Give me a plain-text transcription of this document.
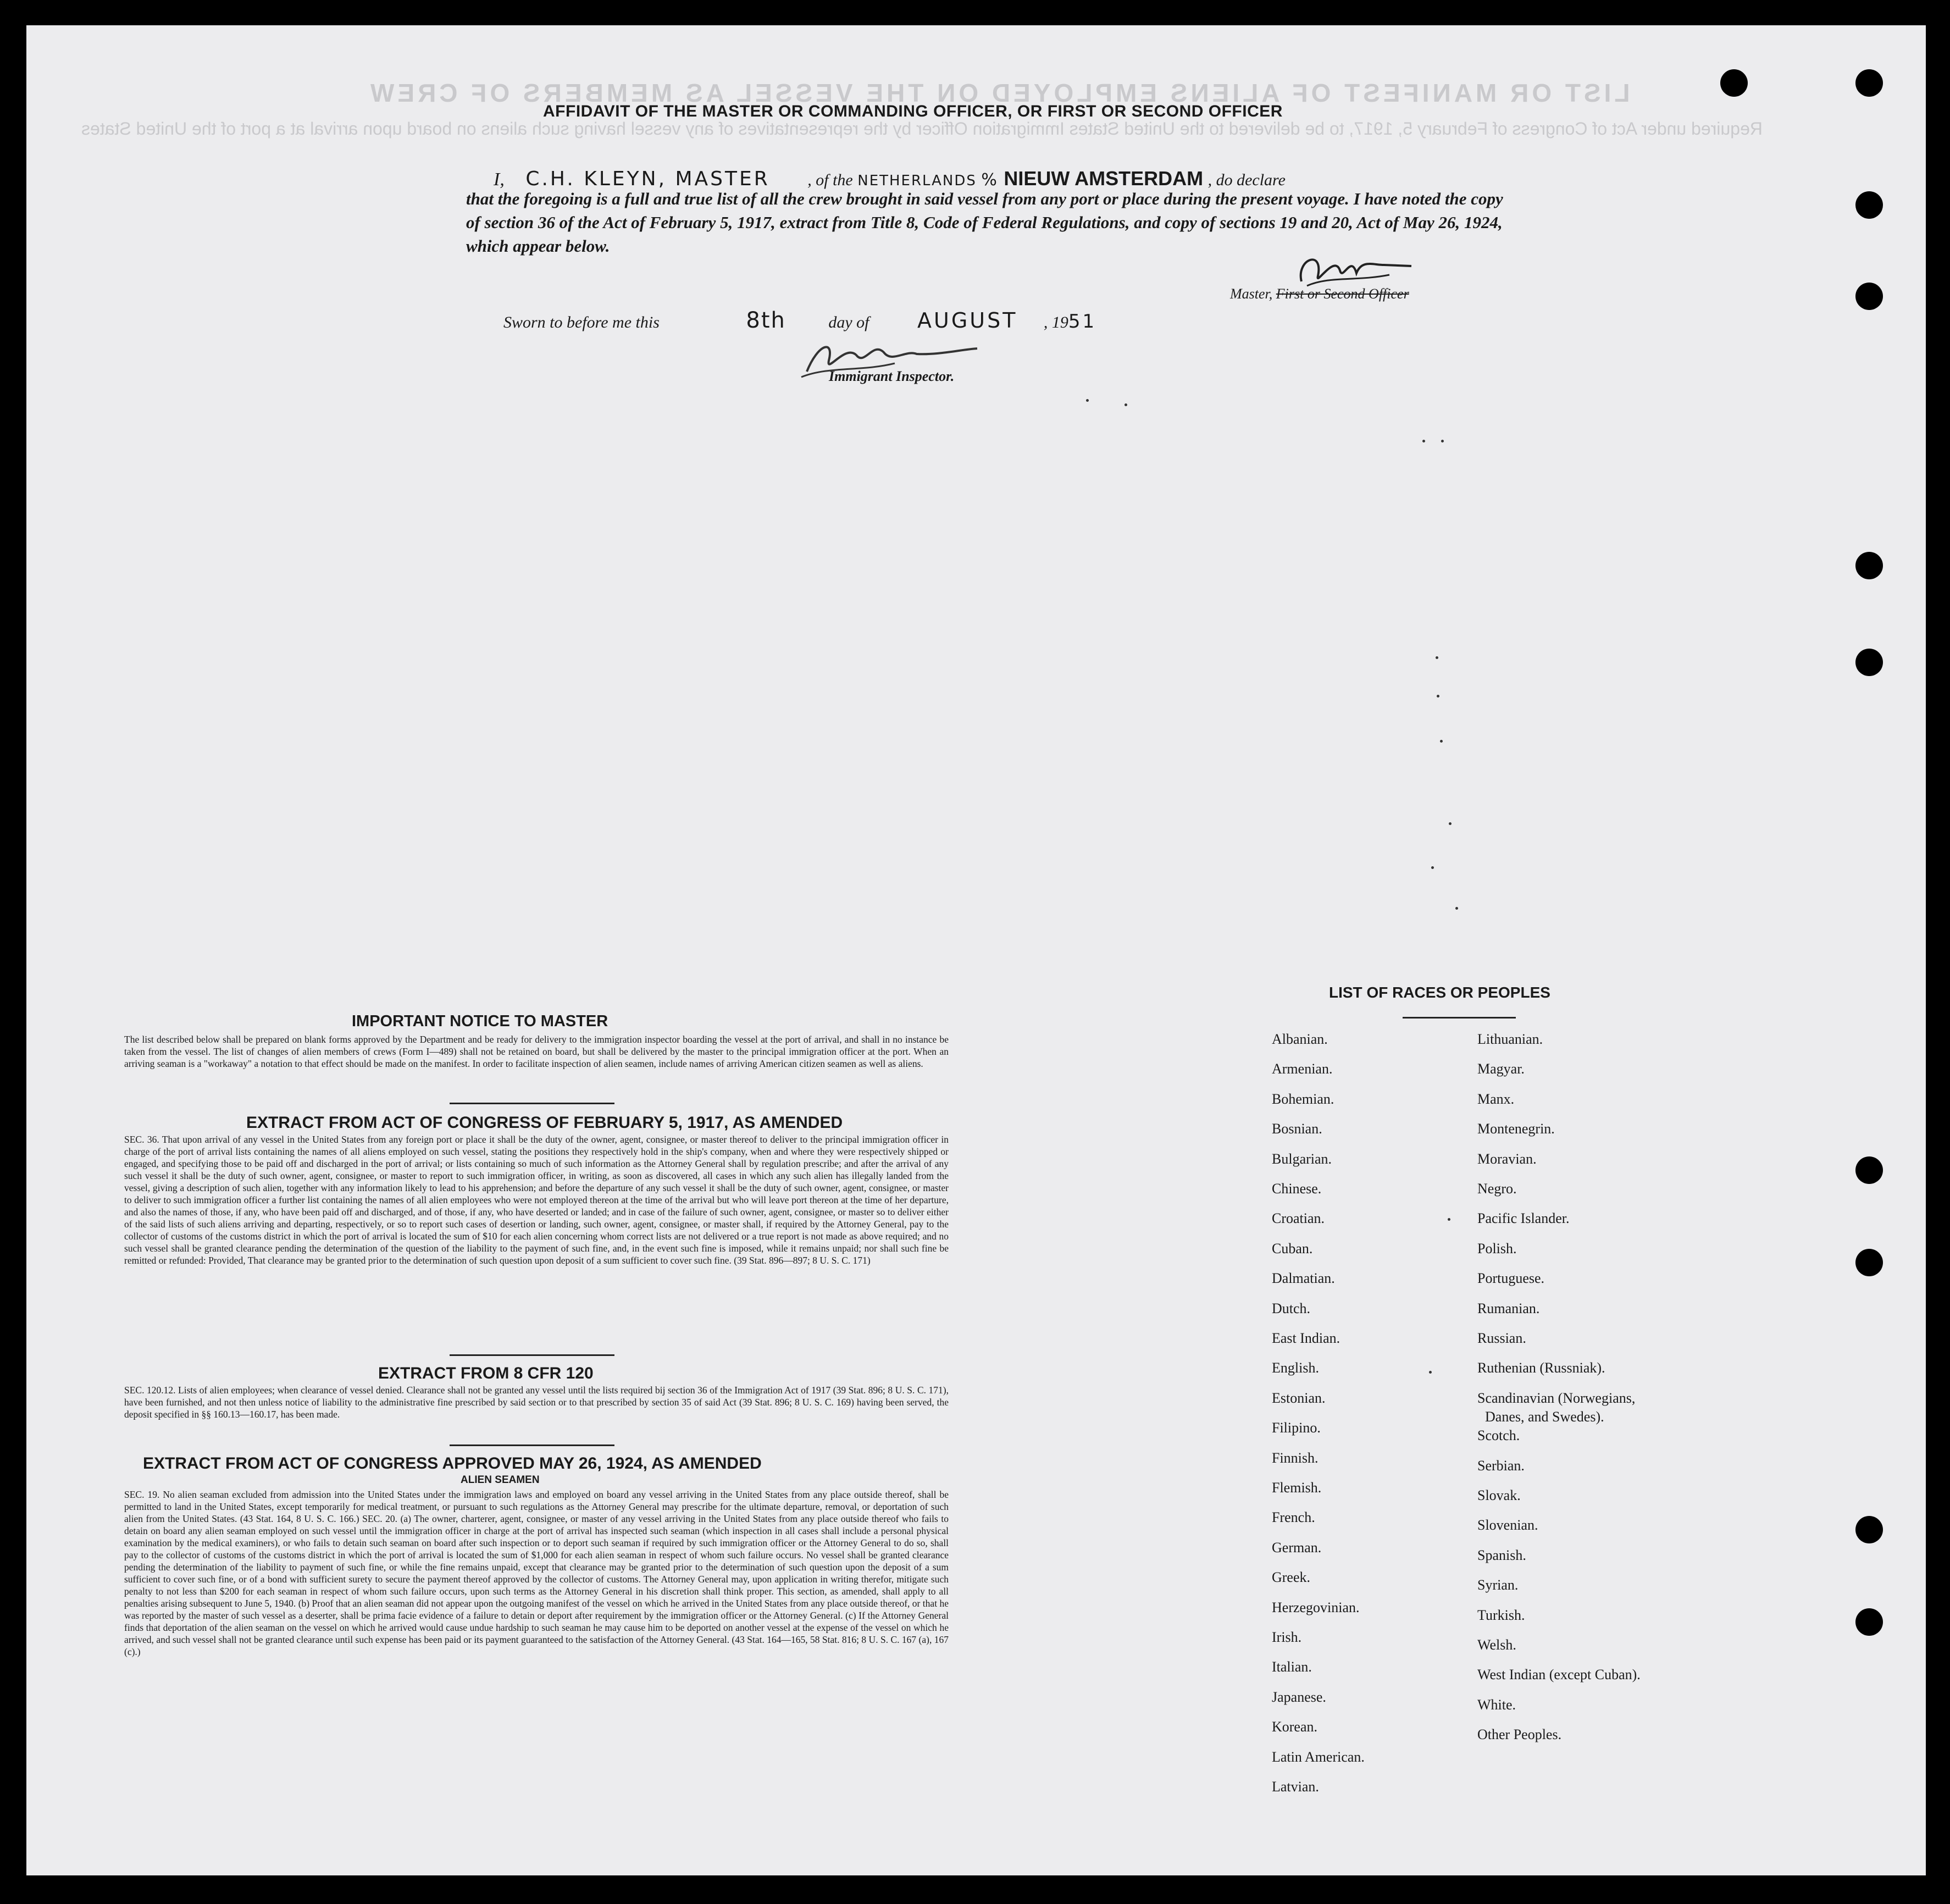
LIST OR MANIFEST OF ALIENS EMPLOYED ON THE VESSEL AS MEMBERS OF CREW
Required under Act of Congress of February 5, 1917, to be delivered to the United States Immigration Officer by the representatives of any vessel having such aliens on board upon arrival at a port of the United States
AFFIDAVIT OF THE MASTER OR COMMANDING OFFICER, OR FIRST OR SECOND OFFICER
I, C.H. KLEYN, MASTER , of the NETHERLANDS % NIEUW AMSTERDAM , do declare
that the foregoing is a full and true list of all the crew brought in said vessel from any port or place during the present voyage. I have noted the copy of section 36 of the Act of February 5, 1917, extract from Title 8, Code of Federal Regulations, and copy of sections 19 and 20, Act of May 26, 1924, which appear below.
Master, First or Second Officer
Sworn to before me this	8th	day of AUGUST , 1951
Immigrant Inspector.
IMPORTANT NOTICE TO MASTER
The list described below shall be prepared on blank forms approved by the Department and be ready for delivery to the immigration inspector boarding the vessel at the port of arrival, and shall in no instance be taken from the vessel. The list of changes of alien members of crews (Form I—489) shall not be retained on board, but shall be delivered by the master to the principal immigration officer at the port. When an arriving seaman is a "workaway" a notation to that effect should be made on the manifest. In order to facilitate inspection of alien seamen, include names of arriving American citizen seamen as well as aliens.
EXTRACT FROM ACT OF CONGRESS OF FEBRUARY 5, 1917, AS AMENDED
SEC. 36. That upon arrival of any vessel in the United States from any foreign port or place it shall be the duty of the owner, agent, consignee, or master thereof to deliver to the principal immigration officer in charge of the port of arrival lists containing the names of all aliens employed on such vessel, stating the positions they respectively hold in the ship's company, when and where they were respectively shipped or engaged, and specifying those to be paid off and discharged in the port of arrival; or lists containing so much of such information as the Attorney General shall by regulation prescribe; and after the arrival of any such vessel it shall be the duty of such owner, agent, consignee, or master to report to such immigration officer, in writing, as soon as discovered, all cases in which any such alien has illegally landed from the vessel, giving a description of such alien, together with any information likely to lead to his apprehension; and before the departure of any such vessel it shall be the duty of such owner, agent, consignee, or master to deliver to such immigration officer a further list containing the names of all alien employees who were not employed thereon at the time of the arrival but who will leave port thereon at the time of her departure, and also the names of those, if any, who have been paid off and discharged, and of those, if any, who have deserted or landed; and in case of the failure of such owner, agent, consignee, or master so to deliver either of the said lists of such aliens arriving and departing, respectively, or so to report such cases of desertion or landing, such owner, agent, consignee, or master shall, if required by the Attorney General, pay to the collector of customs of the customs district in which the port of arrival is located the sum of $10 for each alien concerning whom correct lists are not delivered or a true report is not made as above required; and no such vessel shall be granted clearance pending the determination of the question of the liability to the payment of such fine, and, in the event such fine is imposed, while it remains unpaid; nor shall such fine be remitted or refunded: Provided, That clearance may be granted prior to the determination of such question upon deposit of a sum sufficient to cover such fine. (39 Stat. 896—897; 8 U. S. C. 171)
EXTRACT FROM 8 CFR 120
SEC. 120.12. Lists of alien employees; when clearance of vessel denied. Clearance shall not be granted any vessel until the lists required bij section 36 of the Immigration Act of 1917 (39 Stat. 896; 8 U. S. C. 171), have been furnished, and not then unless notice of liability to the administrative fine prescribed by said section or to that prescribed by section 35 of said Act (39 Stat. 896; 8 U. S. C. 169) having been served, the deposit specified in §§ 160.13—160.17, has been made.
EXTRACT FROM ACT OF CONGRESS APPROVED MAY 26, 1924, AS AMENDED
ALIEN SEAMEN
SEC. 19. No alien seaman excluded from admission into the United States under the immigration laws and employed on board any vessel arriving in the United States from any place outside thereof, shall be permitted to land in the United States, except temporarily for medical treatment, or pursuant to such regulations as the Attorney General may prescribe for the ultimate departure, removal, or deportation of such alien from the United States. (43 Stat. 164, 8 U. S. C. 166.) SEC. 20. (a) The owner, charterer, agent, consignee, or master of any vessel arriving in the United States from any place outside thereof who fails to detain on board any alien seaman employed on such vessel until the immigration officer in charge at the port of arrival has inspected such seaman (which inspection in all cases shall include a personal physical examination by the medical examiners), or who fails to detain such seaman on board after such inspection or to deport such seaman if required by such immigration officer or the Attorney General to do so, shall pay to the collector of customs of the customs district in which the port of arrival is located the sum of $1,000 for each alien seaman in respect of whom such failure occurs. No vessel shall be granted clearance pending the determination of the liability to payment of such fine, or while the fine remains unpaid, except that clearance may be granted prior to the determination of such question upon the deposit of a sum sufficient to cover such fine, or of a bond with sufficient surety to secure the payment thereof approved by the collector of customs. The Attorney General may, upon application in writing therefor, mitigate such penalty to not less than $200 for each seaman in respect of whom such failure occurs, upon such terms as the Attorney General in his discretion shall think proper. This section, as amended, shall apply to all penalties arising subsequent to June 5, 1940. (b) Proof that an alien seaman did not appear upon the outgoing manifest of the vessel on which he arrived in the United States from any place outside thereof, or that he was reported by the master of such vessel as a deserter, shall be prima facie evidence of a failure to detain or deport after requirement by the immigration officer or the Attorney General. (c) If the Attorney General finds that deportation of the alien seaman on the vessel on which he arrived would cause undue hardship to such seaman he may cause him to be deported on another vessel at the expense of the vessel on which he arrived, and such vessel shall not be granted clearance until such expense has been paid or its payment guaranteed to the satisfaction of the Attorney General. (43 Stat. 164—165, 58 Stat. 816; 8 U. S. C. 167 (a), 167 (c).)
LIST OF RACES OR PEOPLES
Albanian.
Armenian.
Bohemian.
Bosnian.
Bulgarian.
Chinese.
Croatian.
Cuban.
Dalmatian.
Dutch.
East Indian.
English.
Estonian.
Filipino.
Finnish.
Flemish.
French.
German.
Greek.
Herzegovinian.
Irish.
Italian.
Japanese.
Korean.
Latin American.
Latvian.
Lithuanian.
Magyar.
Manx.
Montenegrin.
Moravian.
Negro.
Pacific Islander.
Polish.
Portuguese.
Rumanian.
Russian.
Ruthenian (Russniak).
Scandinavian (Norwegians,
Danes, and Swedes).
Scotch.
Serbian.
Slovak.
Slovenian.
Spanish.
Syrian.
Turkish.
Welsh.
West Indian (except Cuban).
White.
Other Peoples.
